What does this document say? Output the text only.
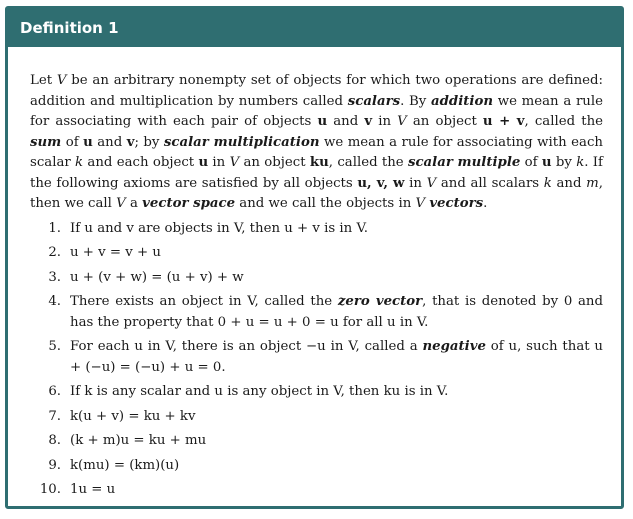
Definition 1

Let V be an arbitrary nonempty set of objects for which two operations are defined: addition and multiplication by numbers called scalars. By addition we mean a rule for associating with each pair of objects u and v in V an object u + v, called the sum of u and v; by scalar multiplication we mean a rule for associating with each scalar k and each object u in V an object ku, called the scalar multiple of u by k. If the following axioms are satisfied by all objects u, v, w in V and all scalars k and m, then we call V a vector space and we call the objects in V vectors.

1. If u and v are objects in V, then u + v is in V.
2. u + v = v + u
3. u + (v + w) = (u + v) + w
4. There exists an object in V, called the zero vector, that is denoted by 0 and has the property that 0 + u = u + 0 = u for all u in V.
5. For each u in V, there is an object −u in V, called a negative of u, such that u + (−u) = (−u) + u = 0.
6. If k is any scalar and u is any object in V, then ku is in V.
7. k(u + v) = ku + kv
8. (k + m)u = ku + mu
9. k(mu) = (km)(u)
10. 1u = u
